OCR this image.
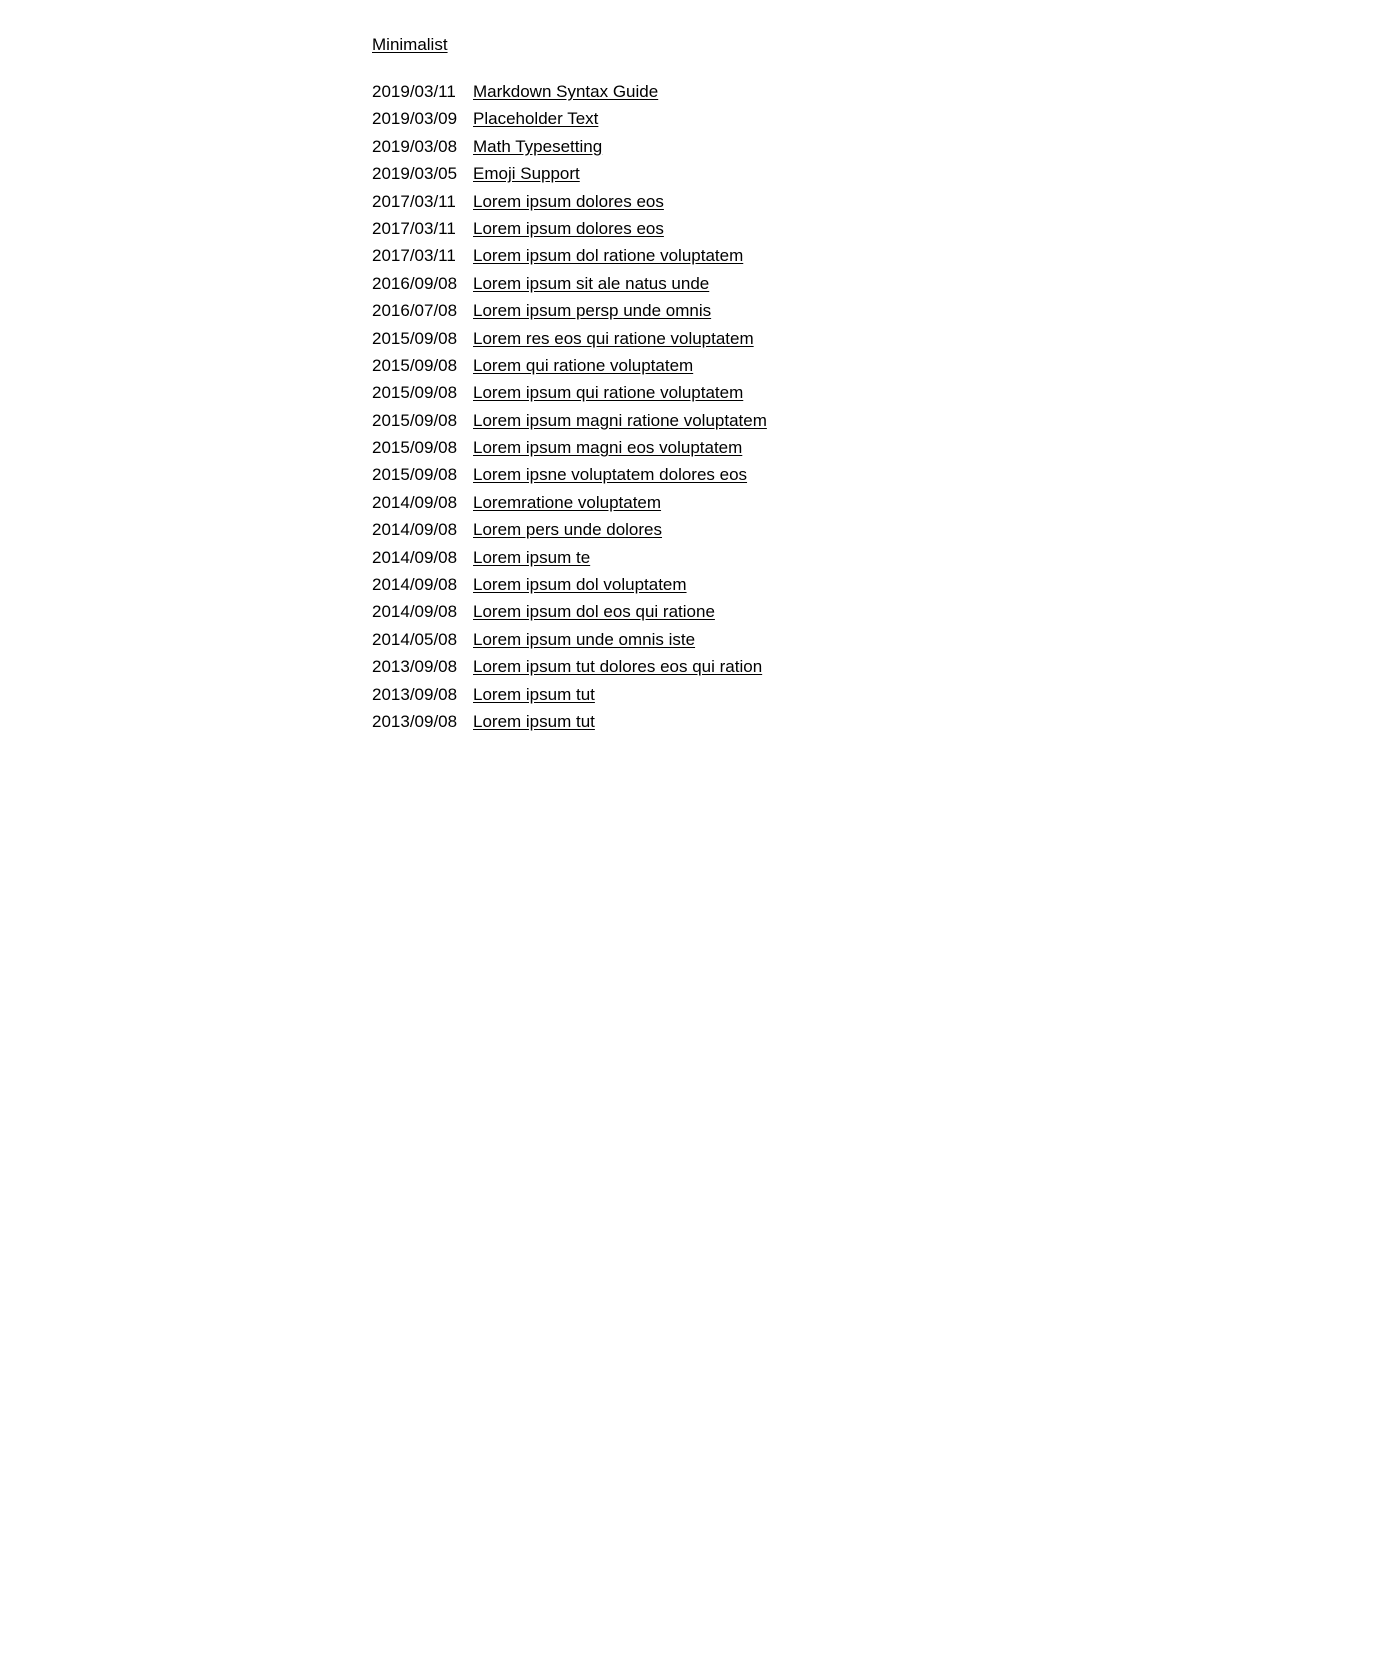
Minimalist
2019/03/11 Markdown Syntax Guide
2019/03/09 Placeholder Text
2019/03/08 Math Typesetting
2019/03/05 Emoji Support
2017/03/11 Lorem ipsum dolores eos
2017/03/11 Lorem ipsum dolores eos
2017/03/11 Lorem ipsum dol ratione voluptatem
2016/09/08 Lorem ipsum sit ale natus unde
2016/07/08 Lorem ipsum persp unde omnis
2015/09/08 Lorem res eos qui ratione voluptatem
2015/09/08 Lorem qui ratione voluptatem
2015/09/08 Lorem ipsum qui ratione voluptatem
2015/09/08 Lorem ipsum magni ratione voluptatem
2015/09/08 Lorem ipsum magni eos voluptatem
2015/09/08 Lorem ipsne voluptatem dolores eos
2014/09/08 Loremratione voluptatem
2014/09/08 Lorem pers unde dolores
2014/09/08 Lorem ipsum te
2014/09/08 Lorem ipsum dol voluptatem
2014/09/08 Lorem ipsum dol eos qui ratione
2014/05/08 Lorem ipsum unde omnis iste
2013/09/08 Lorem ipsum tut dolores eos qui ration
2013/09/08 Lorem ipsum tut
2013/09/08 Lorem ipsum tut
